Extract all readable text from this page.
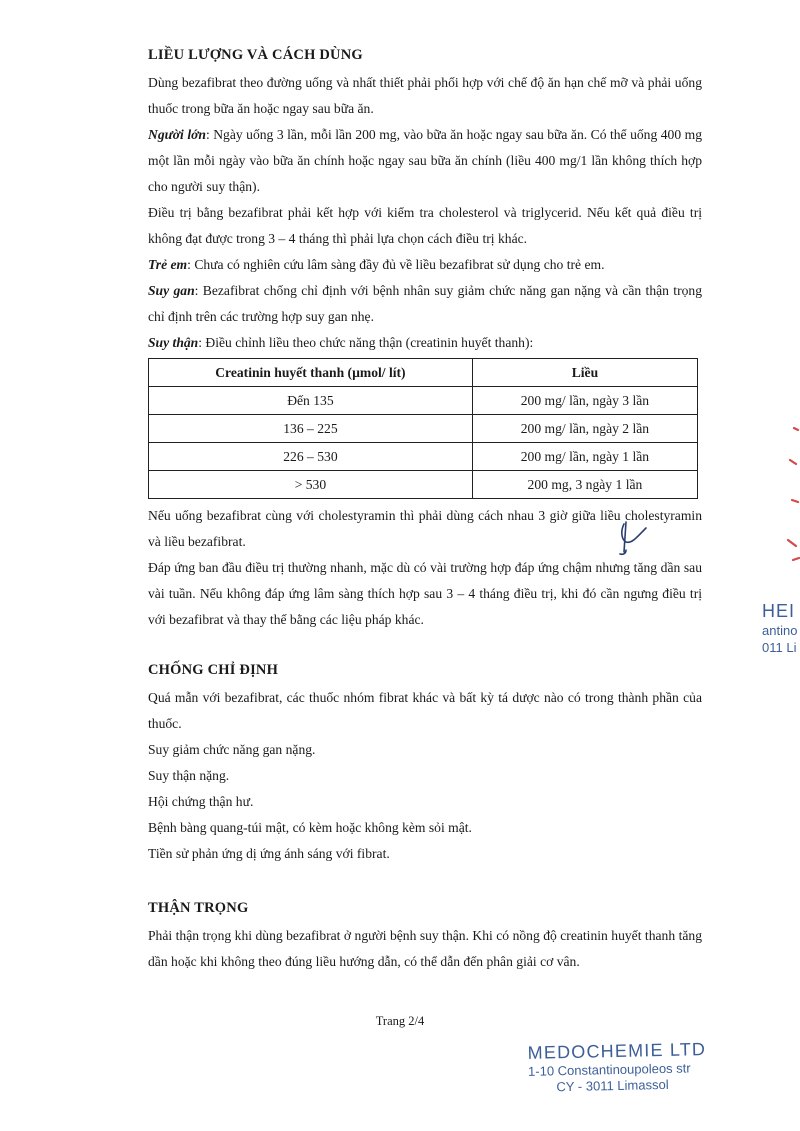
LIỀU LƯỢNG VÀ CÁCH DÙNG

Dùng bezafibrat theo đường uống và nhất thiết phải phối hợp với chế độ ăn hạn chế mỡ và phải uống thuốc trong bữa ăn hoặc ngay sau bữa ăn.

Người lớn: Ngày uống 3 lần, mỗi lần 200 mg, vào bữa ăn hoặc ngay sau bữa ăn. Có thể uống 400 mg một lần mỗi ngày vào bữa ăn chính hoặc ngay sau bữa ăn chính (liều 400 mg/1 lần không thích hợp cho người suy thận).

Điều trị bằng bezafibrat phải kết hợp với kiểm tra cholesterol và triglycerid. Nếu kết quả điều trị không đạt được trong 3 – 4 tháng thì phải lựa chọn cách điều trị khác.

Trẻ em: Chưa có nghiên cứu lâm sàng đầy đủ về liều bezafibrat sử dụng cho trẻ em.

Suy gan: Bezafibrat chống chỉ định với bệnh nhân suy giảm chức năng gan nặng và cần thận trọng chỉ định trên các trường hợp suy gan nhẹ.

Suy thận: Điều chỉnh liều theo chức năng thận (creatinin huyết thanh):

Creatinin huyết thanh (µmol/ lít)	Liều
Đến 135	200 mg/ lần, ngày 3 lần
136 – 225	200 mg/ lần, ngày 2 lần
226 – 530	200 mg/ lần, ngày 1 lần
> 530	200 mg, 3 ngày 1 lần

Nếu uống bezafibrat cùng với cholestyramin thì phải dùng cách nhau 3 giờ giữa liều cholestyramin và liều bezafibrat.

Đáp ứng ban đầu điều trị thường nhanh, mặc dù có vài trường hợp đáp ứng chậm nhưng tăng dần sau vài tuần. Nếu không đáp ứng lâm sàng thích hợp sau 3 – 4 tháng điều trị, khi đó cần ngưng điều trị với bezafibrat và thay thế bằng các liệu pháp khác.

CHỐNG CHỈ ĐỊNH

Quá mẫn với bezafibrat, các thuốc nhóm fibrat khác và bất kỳ tá dược nào có trong thành phần của thuốc.

Suy giảm chức năng gan nặng.

Suy thận nặng.

Hội chứng thận hư.

Bệnh bàng quang-túi mật, có kèm hoặc không kèm sỏi mật.

Tiền sử phản ứng dị ứng ánh sáng với fibrat.

THẬN TRỌNG

Phải thận trọng khi dùng bezafibrat ở người bệnh suy thận. Khi có nồng độ creatinin huyết thanh tăng dần hoặc khi không theo đúng liều hướng dẫn, có thể dẫn đến phân giải cơ vân.

HEI
antino
011 Li
Trang 2/4
MEDOCHEMIE LTD
1-10 Constantinoupoleos str
CY - 3011 Limassol
